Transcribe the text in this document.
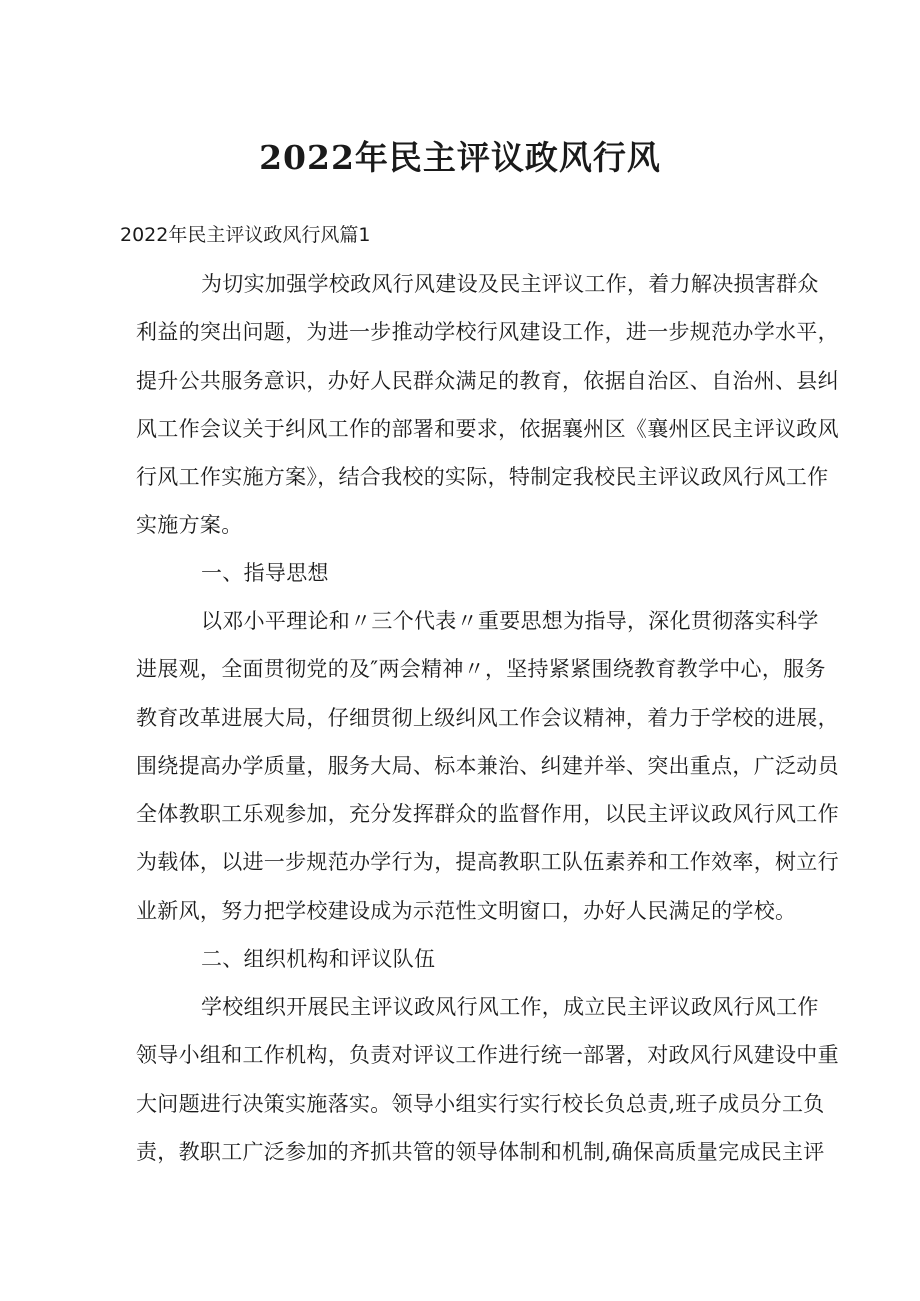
2022年民主评议政风行风

2022年民主评议政风行风篇1

为切实加强学校政风行风建设及民主评议工作，着力解决损害群众
利益的突出问题，为进一步推动学校行风建设工作，进一步规范办学水平，
提升公共服务意识，办好人民群众满足的教育，依据自治区、自治州、县纠
风工作会议关于纠风工作的部署和要求，依据襄州区《襄州区民主评议政风
行风工作实施方案》，结合我校的实际，特制定我校民主评议政风行风工作
实施方案。
一、指导思想
以邓小平理论和〃三个代表〃重要思想为指导，深化贯彻落实科学
进展观，全面贯彻党的及″两会精神〃，坚持紧紧围绕教育教学中心，服务
教育改革进展大局，仔细贯彻上级纠风工作会议精神，着力于学校的进展，
围绕提高办学质量，服务大局、标本兼治、纠建并举、突出重点，广泛动员
全体教职工乐观参加，充分发挥群众的监督作用，以民主评议政风行风工作
为载体，以进一步规范办学行为，提高教职工队伍素养和工作效率，树立行
业新风，努力把学校建设成为示范性文明窗口，办好人民满足的学校。
二、组织机构和评议队伍
学校组织开展民主评议政风行风工作，成立民主评议政风行风工作
领导小组和工作机构，负责对评议工作进行统一部署，对政风行风建设中重
大问题进行决策实施落实。领导小组实行实行校长负总责,班子成员分工负
责，教职工广泛参加的齐抓共管的领导体制和机制,确保高质量完成民主评
